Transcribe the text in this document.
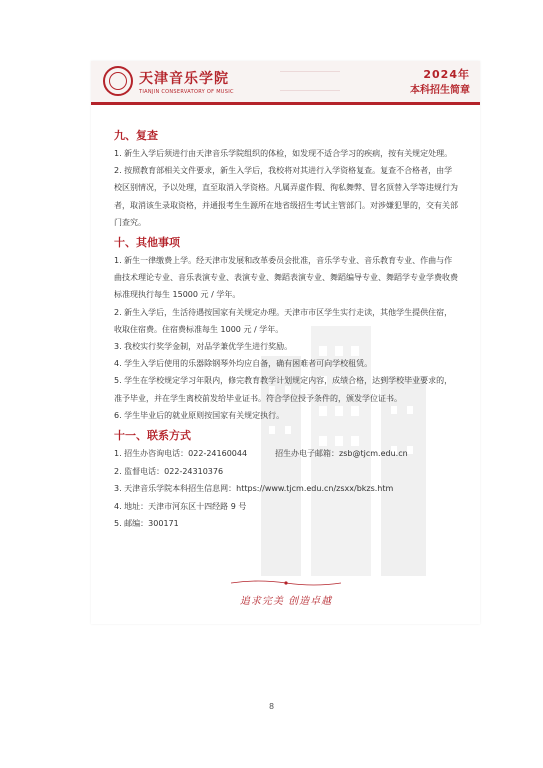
天津音乐学院
TIANJIN CONSERVATORY OF MUSIC
2024年
本科招生简章

九、复查

1. 新生入学后须进行由天津音乐学院组织的体检，如发现不适合学习的疾病，按有关规定处理。

2. 按照教育部相关文件要求，新生入学后，我校将对其进行入学资格复查。复查不合格者，由学校区别情况，予以处理，直至取消入学资格。凡属弄虚作假、徇私舞弊、冒名顶替入学等违规行为者，取消该生录取资格，并通报考生生源所在地省级招生考试主管部门。对涉嫌犯罪的，交有关部门查究。

十、其他事项

1. 新生一律缴费上学。经天津市发展和改革委员会批准，音乐学专业、音乐教育专业、作曲与作曲技术理论专业、音乐表演专业、表演专业、舞蹈表演专业、舞蹈编导专业、舞蹈学专业学费收费标准现执行每生 15000 元 / 学年。

2. 新生入学后，生活待遇按国家有关规定办理。天津市市区学生实行走读，其他学生提供住宿，收取住宿费。住宿费标准每生 1000 元 / 学年。

3. 我校实行奖学金制，对品学兼优学生进行奖励。

4. 学生入学后使用的乐器除钢琴外均应自备，确有困难者可向学校租赁。

5. 学生在学校规定学习年限内，修完教育教学计划规定内容，成绩合格，达到学校毕业要求的，准予毕业，并在学生离校前发给毕业证书。符合学位授予条件的，颁发学位证书。

6. 学生毕业后的就业原则按国家有关规定执行。

十一、联系方式

1. 招生办咨询电话：022-24160044	招生办电子邮箱：zsb@tjcm.edu.cn

2. 监督电话：022-24310376

3. 天津音乐学院本科招生信息网：https://www.tjcm.edu.cn/zsxx/bkzs.htm

4. 地址：天津市河东区十四经路 9 号

5. 邮编：300171

追求完美 创造卓越
8
